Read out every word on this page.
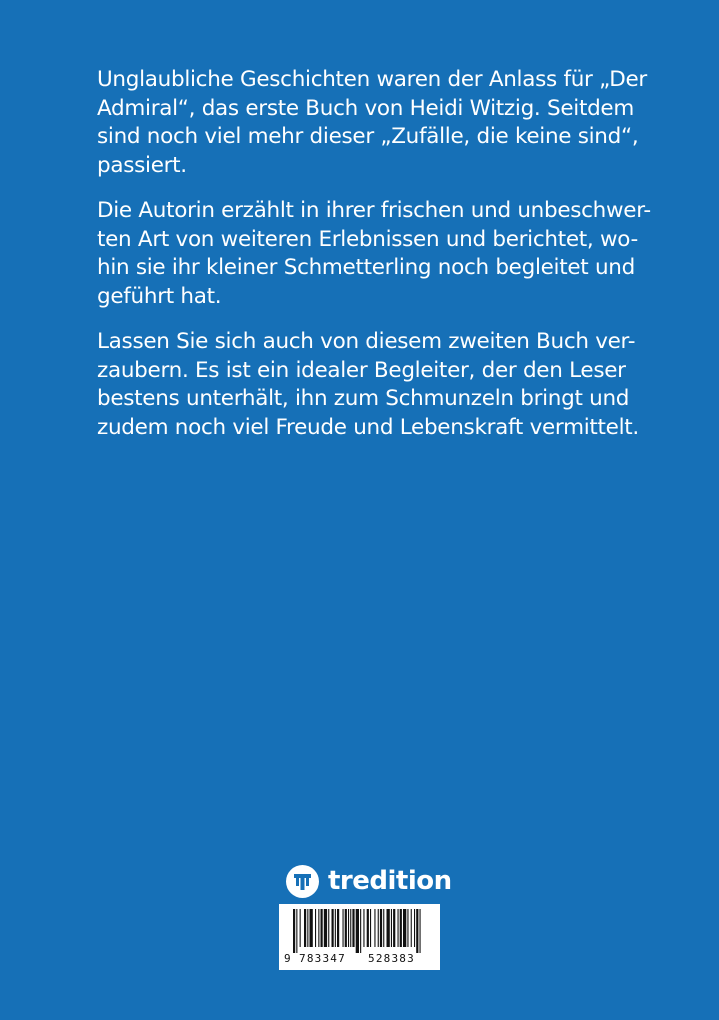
Unglaubliche Geschichten waren der Anlass für „Der
Admiral“, das erste Buch von Heidi Witzig. Seitdem
sind noch viel mehr dieser „Zufälle, die keine sind“,
passiert.

Die Autorin erzählt in ihrer frischen und unbeschwer-
ten Art von weiteren Erlebnissen und berichtet, wo-
hin sie ihr kleiner Schmetterling noch begleitet und
geführt hat.

Lassen Sie sich auch von diesem zweiten Buch ver-
zaubern. Es ist ein idealer Begleiter, der den Leser
bestens unterhält, ihn zum Schmunzeln bringt und
zudem noch viel Freude und Lebenskraft vermittelt.

tredition
9 783347 528383
